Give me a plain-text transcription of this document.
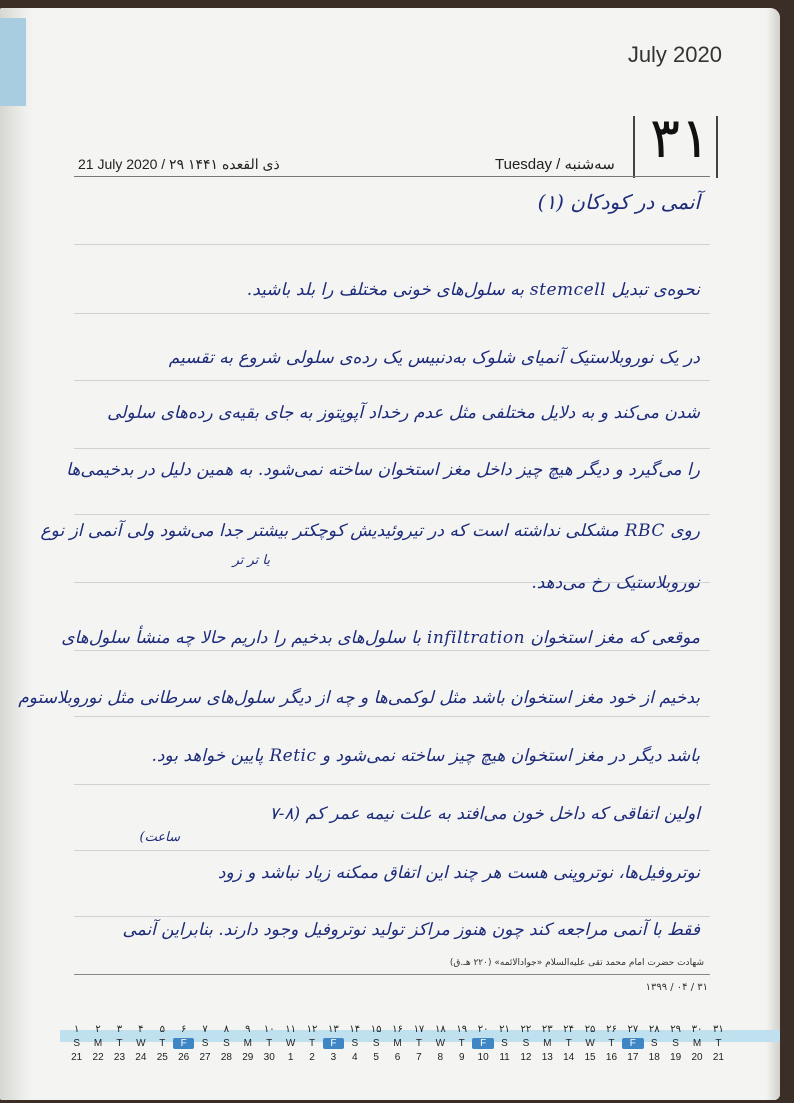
July 2020
21 July 2020 / ۲۹ ذی القعده ۱۴۴۱	Tuesday / سه‌شنبه ۳۱
آنمی در کودکان (۱)
نحوه‌ی تبدیل stemcell به سلول‌های خونی مختلف را بلد باشید.
در یک نوروبلاستیک آنمیای شلوک به‌دنبیس یک رده‌ی سلولی شروع به تقسیم
شدن می‌کند و به دلایل مختلفی مثل عدم رخداد آپوپتوز به جای بقیه‌ی رده‌های سلولی
را می‌گیرد و دیگر هیچ چیز داخل مغز استخوان ساخته نمی‌شود. به همین دلیل در بدخیمی‌ها
روی RBC مشکلی نداشته است که در تیروئیدیش کوچکتر بیشتر جدا می‌شود ولی آنمی از نوع
یا تر تر
نوروبلاستیک رخ می‌دهد.
موقعی که مغز استخوان infiltration با سلول‌های بدخیم را داریم حالا چه منشأ سلول‌های
بدخیم از خود مغز استخوان باشد مثل لوکمی‌ها و چه از دیگر سلول‌های سرطانی مثل نوروبلاستوم
باشد دیگر در مغز استخوان هیچ چیز ساخته نمی‌شود و Retic پایین خواهد بود.
اولین اتفاقی که داخل خون می‌افتد به علت نیمه عمر کم (۸-۷
ساعت)
نوتروفیل‌ها، نوتروپنی هست هر چند این اتفاق ممکنه زیاد نباشد و زود
فقط با آنمی مراجعه کند چون هنوز مراکز تولید نوتروفیل وجود دارند. بنابراین آنمی
شهادت حضرت امام محمد تقی علیه‌السلام «جوادالائمه» (۲۲۰ هـ.ق)
۱۳۹۹ / ۰۴ / ۳۱
۱	۲	۳	۴	۵	۶	۷	۸	۹	۱۰	۱۱	۱۲	۱۳	۱۴	۱۵	۱۶	۱۷	۱۸	۱۹	۲۰	۲۱	۲۲	۲۳	۲۴	۲۵	۲۶	۲۷	۲۸	۲۹	۳۰	۳۱
S	M	T	W	T	F	S	S	M	T	W	T	F	S	S	M	T	W	T	F	S	S	M	T	W	T	F	S	S	M	T
21	22	23	24	25	26	27	28	29	30	1	2	3	4	5	6	7	8	9	10	11	12	13	14	15	16	17	18	19	20	21
